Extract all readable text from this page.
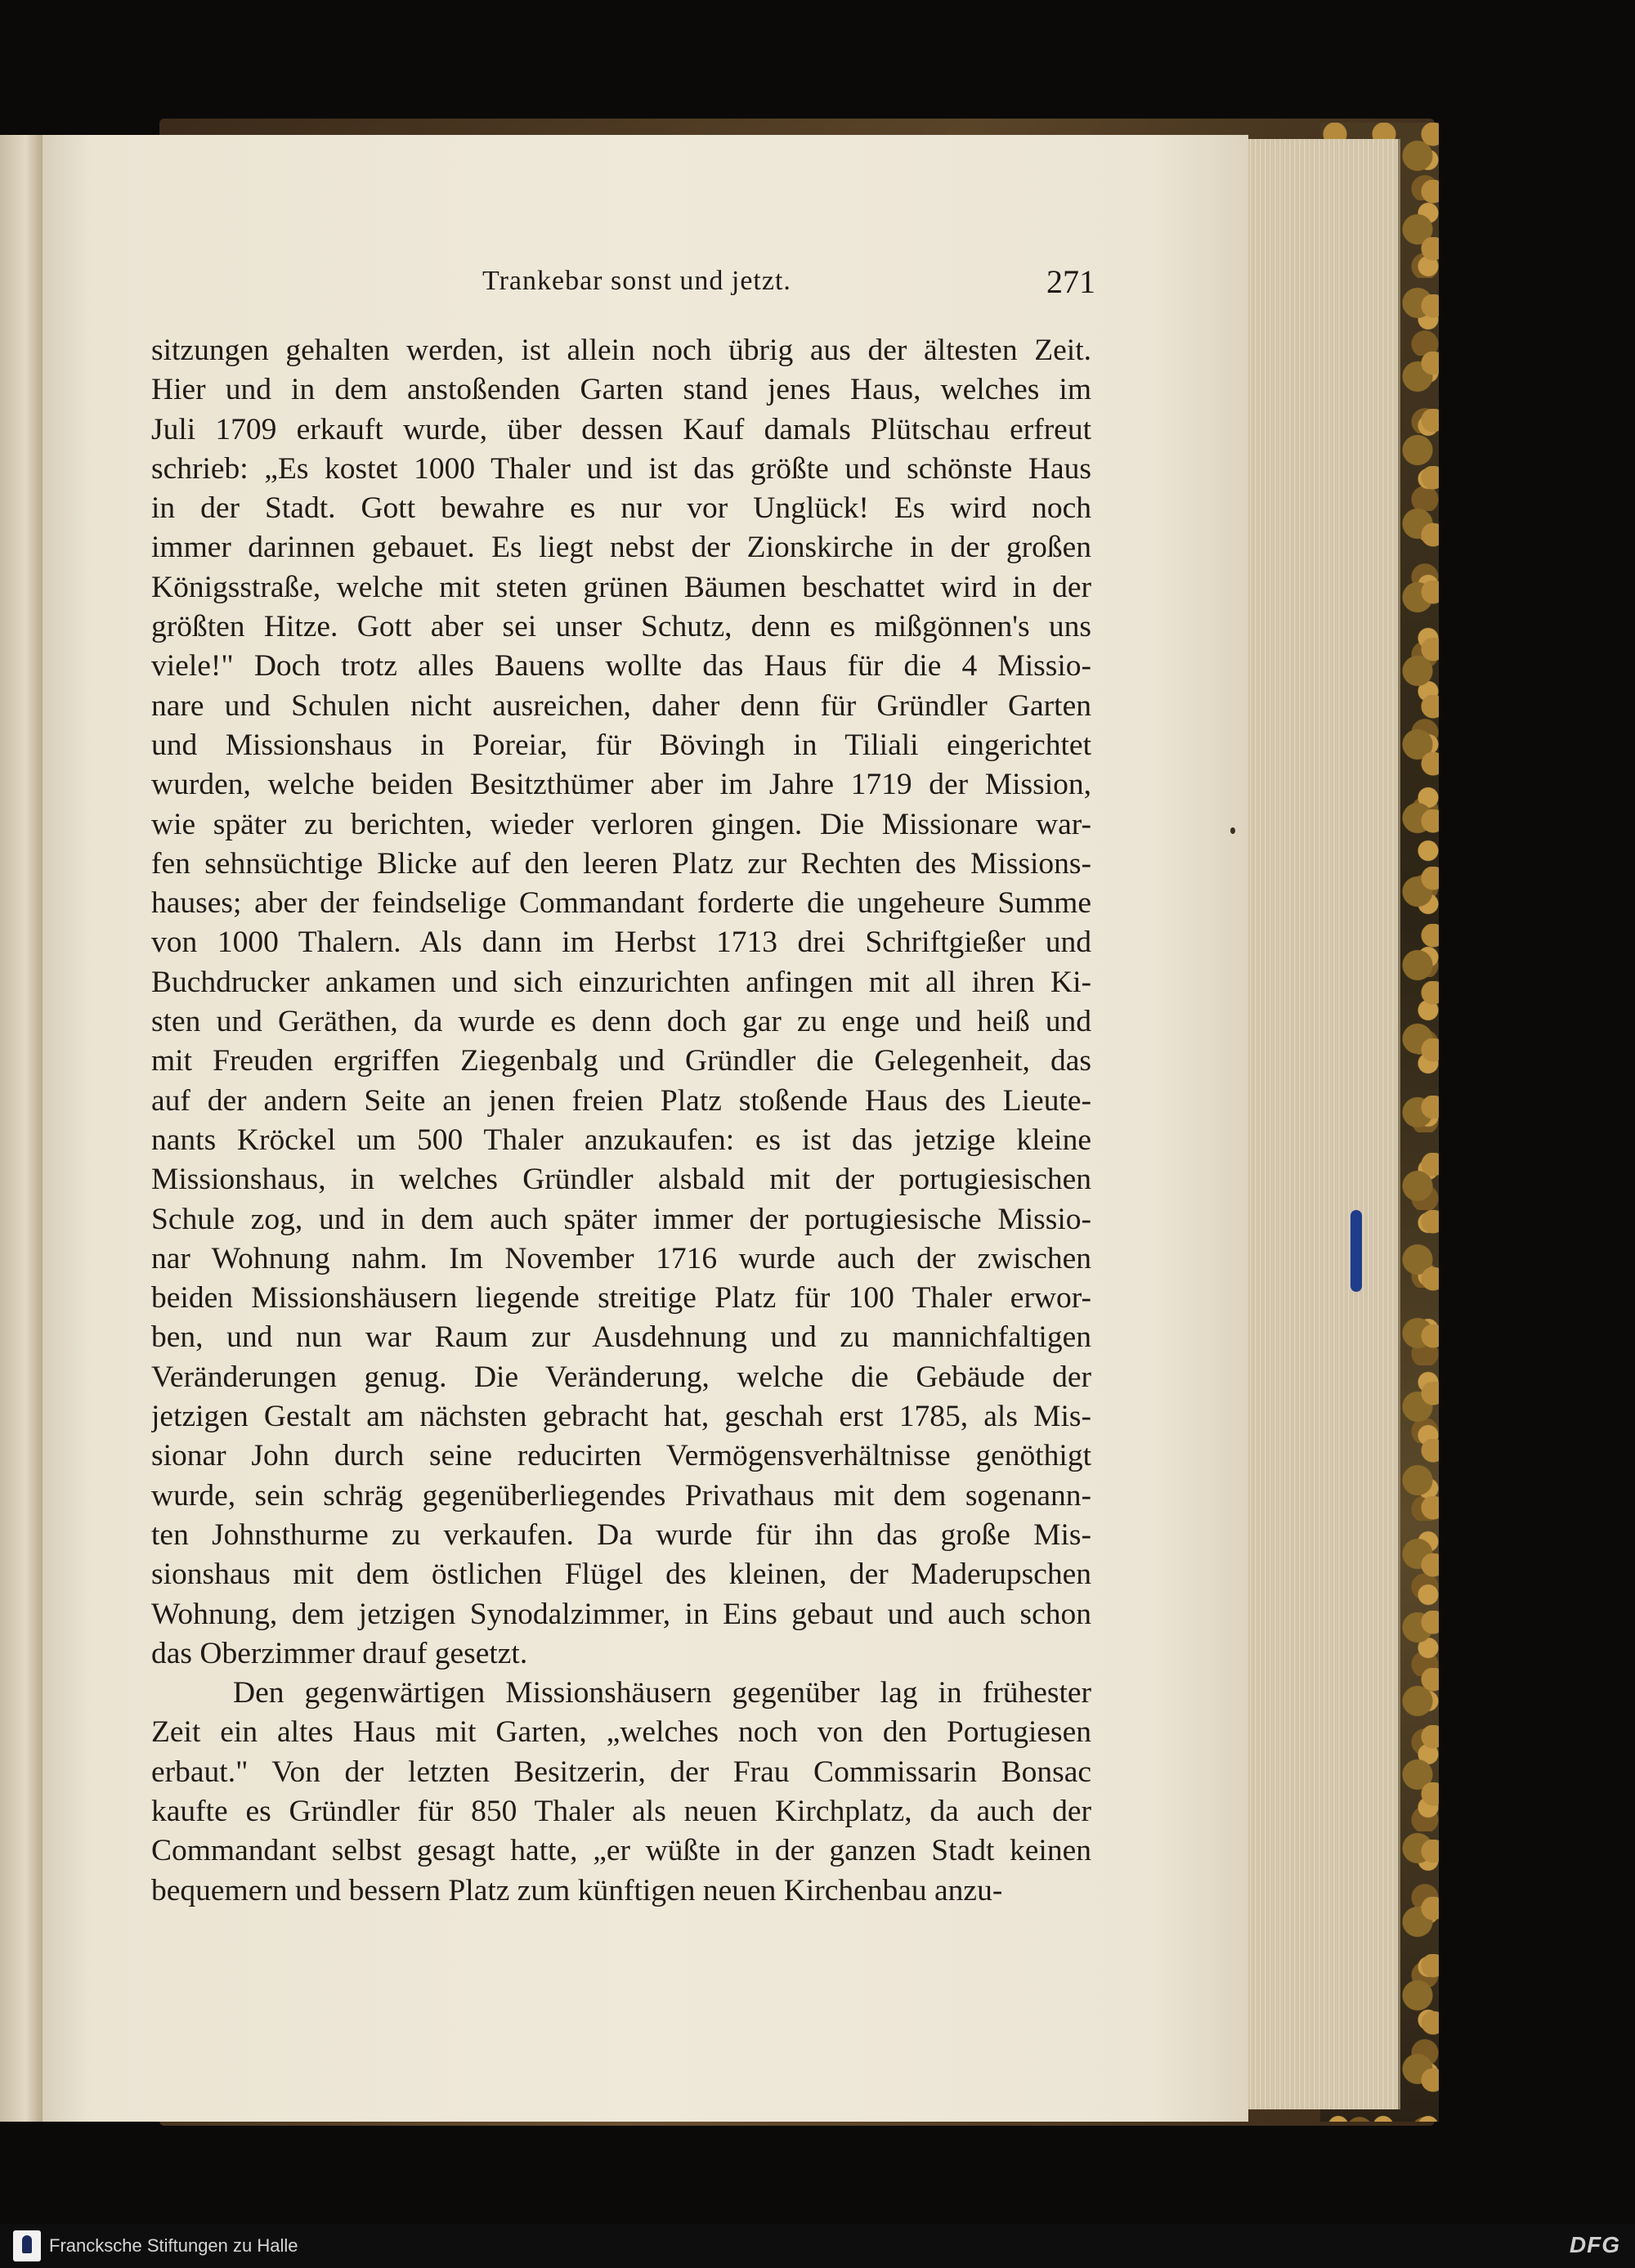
Trankebar sonst und jetzt.	271
sitzungen gehalten werden, ist allein noch übrig aus der ältesten Zeit.
Hier und in dem anstoßenden Garten stand jenes Haus, welches im
Juli 1709 erkauft wurde, über dessen Kauf damals Plütschau erfreut
schrieb: „Es kostet 1000 Thaler und ist das größte und schönste Haus
in der Stadt. Gott bewahre es nur vor Unglück! Es wird noch
immer darinnen gebauet. Es liegt nebst der Zionskirche in der großen
Königsstraße, welche mit steten grünen Bäumen beschattet wird in der
größten Hitze. Gott aber sei unser Schutz, denn es mißgönnen's uns
viele!" Doch trotz alles Bauens wollte das Haus für die 4 Missio-
nare und Schulen nicht ausreichen, daher denn für Gründler Garten
und Missionshaus in Poreiar, für Bövingh in Tiliali eingerichtet
wurden, welche beiden Besitzthümer aber im Jahre 1719 der Mission,
wie später zu berichten, wieder verloren gingen. Die Missionare war-
fen sehnsüchtige Blicke auf den leeren Platz zur Rechten des Missions-
hauses; aber der feindselige Commandant forderte die ungeheure Summe
von 1000 Thalern. Als dann im Herbst 1713 drei Schriftgießer und
Buchdrucker ankamen und sich einzurichten anfingen mit all ihren Ki-
sten und Geräthen, da wurde es denn doch gar zu enge und heiß und
mit Freuden ergriffen Ziegenbalg und Gründler die Gelegenheit, das
auf der andern Seite an jenen freien Platz stoßende Haus des Lieute-
nants Kröckel um 500 Thaler anzukaufen: es ist das jetzige kleine
Missionshaus, in welches Gründler alsbald mit der portugiesischen
Schule zog, und in dem auch später immer der portugiesische Missio-
nar Wohnung nahm. Im November 1716 wurde auch der zwischen
beiden Missionshäusern liegende streitige Platz für 100 Thaler erwor-
ben, und nun war Raum zur Ausdehnung und zu mannichfaltigen
Veränderungen genug. Die Veränderung, welche die Gebäude der
jetzigen Gestalt am nächsten gebracht hat, geschah erst 1785, als Mis-
sionar John durch seine reducirten Vermögensverhältnisse genöthigt
wurde, sein schräg gegenüberliegendes Privathaus mit dem sogenann-
ten Johnsthurme zu verkaufen. Da wurde für ihn das große Mis-
sionshaus mit dem östlichen Flügel des kleinen, der Maderupschen
Wohnung, dem jetzigen Synodalzimmer, in Eins gebaut und auch schon
das Oberzimmer drauf gesetzt.
Den gegenwärtigen Missionshäusern gegenüber lag in frühester
Zeit ein altes Haus mit Garten, „welches noch von den Portugiesen
erbaut." Von der letzten Besitzerin, der Frau Commissarin Bonsac
kaufte es Gründler für 850 Thaler als neuen Kirchplatz, da auch der
Commandant selbst gesagt hatte, „er wüßte in der ganzen Stadt keinen
bequemern und bessern Platz zum künftigen neuen Kirchenbau anzu-
Francksche Stiftungen zu Halle	DFG
